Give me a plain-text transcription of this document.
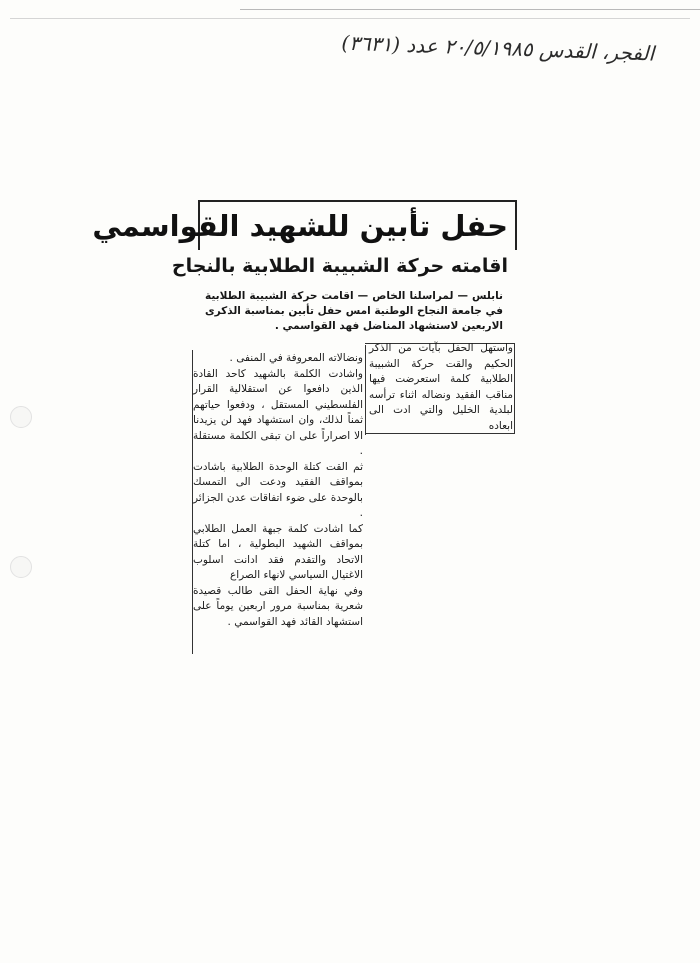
الفجر، القدس ٢٠/٥/١٩٨٥ عدد (٣٦٣١)
حفل تأبين للشهيد القواسمي
اقامته حركة الشبيبة الطلابية بالنجاح
نابلس — لمراسلنا الخاص — اقامت حركة الشبيبة الطلابية في جامعة النجاح الوطنية امس حفل تأبين بمناسبة الذكرى الاربعين لاستشهاد المناضل فهد القواسمي .

واستهل الحفل بآيات من الذكر الحكيم والقت حركة الشبيبة الطلابية كلمة استعرضت فيها مناقب الفقيد ونضاله اثناء ترأسه لبلدية الخليل والتي ادت الى ابعاده

ونضالاته المعروفة في المنفى .

واشادت الكلمة بالشهيد كاحد القادة الذين دافعوا عن استقلالية القرار الفلسطيني المستقل ، ودفعوا حياتهم ثمناً لذلك، وان استشهاد فهد لن يزيدنا الا اصراراً على ان تبقى الكلمة مستقلة .

ثم القت كتلة الوحدة الطلابية باشادت بمواقف الفقيد ودعت الى التمسك بالوحدة على ضوء اتفاقات عدن الجزائر .

كما اشادت كلمة جبهة العمل الطلابي بمواقف الشهيد البطولية ، اما كتلة الاتحاد والتقدم فقد ادانت اسلوب الاغتيال السياسي لانهاء الصراع

وفي نهاية الحفل القى طالب قصيدة شعرية بمناسبة مرور اربعين يوماً على استشهاد القائد فهد القواسمي .
